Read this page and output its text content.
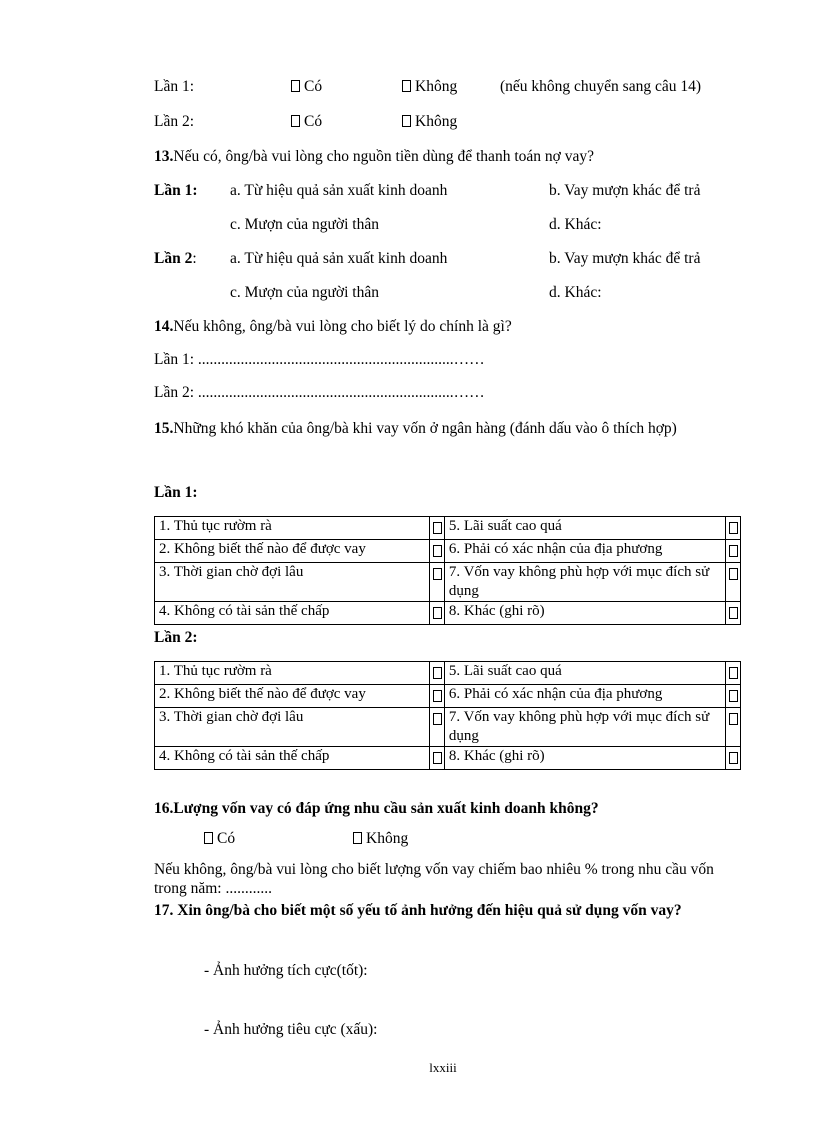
Lần 1:	Có	Không	(nếu không chuyển sang câu 14)
Lần 2:	Có	Không
13.Nếu có, ông/bà vui lòng cho nguồn tiền dùng để thanh toán nợ vay?
Lần 1: a. Từ hiệu quả sản xuất kinh doanh	b. Vay mượn khác để trả
c. Mượn của người thân	d. Khác:
Lần 2: a. Từ hiệu quả sản xuất kinh doanh	b. Vay mượn khác để trả
c. Mượn của người thân	d. Khác:
14.Nếu không, ông/bà vui lòng cho biết lý do chính là gì?
Lần 1: ..................................................................……
Lần 2: ..................................................................……
15.Những khó khăn của ông/bà khi vay vốn ở ngân hàng (đánh dấu vào ô thích hợp)
Lần 1:
1. Thủ tục rườm rà		5. Lãi suất cao quá	
2. Không biết thế nào để được vay		6. Phải có xác nhận của địa phương	
3. Thời gian chờ đợi lâu		7. Vốn vay không phù hợp với mục đích sử dụng	
4. Không có tài sản thế chấp		8. Khác (ghi rõ)	
Lần 2:
1. Thủ tục rườm rà		5. Lãi suất cao quá	
2. Không biết thế nào để được vay		6. Phải có xác nhận của địa phương	
3. Thời gian chờ đợi lâu		7. Vốn vay không phù hợp với mục đích sử dụng	
4. Không có tài sản thế chấp		8. Khác (ghi rõ)	
16.Lượng vốn vay có đáp ứng nhu cầu sản xuất kinh doanh không?
Có	Không
Nếu không, ông/bà vui lòng cho biết lượng vốn vay chiếm bao nhiêu % trong nhu cầu vốn trong năm: ............
17. Xin ông/bà cho biết một số yếu tố ảnh hưởng đến hiệu quả sử dụng vốn vay?
- Ảnh hưởng tích cực(tốt):
- Ảnh hưởng tiêu cực (xấu):
lxxiii
